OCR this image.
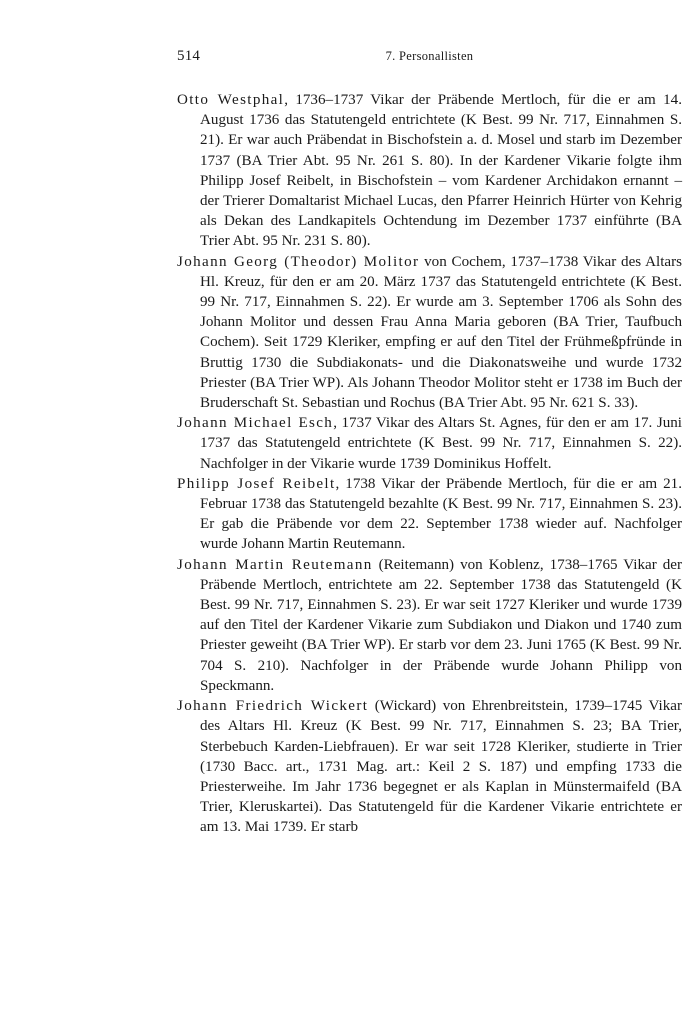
514	7. Personallisten

Otto Westphal, 1736–1737 Vikar der Präbende Mertloch, für die er am 14. August 1736 das Statutengeld entrichtete (K Best. 99 Nr. 717, Einnahmen S. 21). Er war auch Präbendat in Bischofstein a. d. Mosel und starb im Dezember 1737 (BA Trier Abt. 95 Nr. 261 S. 80). In der Kardener Vikarie folgte ihm Philipp Josef Reibelt, in Bischofstein – vom Kardener Archidakon ernannt – der Trierer Domaltarist Michael Lucas, den Pfarrer Heinrich Hürter von Kehrig als Dekan des Landkapitels Ochtendung im Dezember 1737 einführte (BA Trier Abt. 95 Nr. 231 S. 80).

Johann Georg (Theodor) Molitor von Cochem, 1737–1738 Vikar des Altars Hl. Kreuz, für den er am 20. März 1737 das Statutengeld entrichtete (K Best. 99 Nr. 717, Einnahmen S. 22). Er wurde am 3. September 1706 als Sohn des Johann Molitor und dessen Frau Anna Maria geboren (BA Trier, Taufbuch Cochem). Seit 1729 Kleriker, empfing er auf den Titel der Frühmeßpfründe in Bruttig 1730 die Subdiakonats- und die Diakonatsweihe und wurde 1732 Priester (BA Trier WP). Als Johann Theodor Molitor steht er 1738 im Buch der Bruderschaft St. Sebastian und Rochus (BA Trier Abt. 95 Nr. 621 S. 33).

Johann Michael Esch, 1737 Vikar des Altars St. Agnes, für den er am 17. Juni 1737 das Statutengeld entrichtete (K Best. 99 Nr. 717, Einnahmen S. 22). Nachfolger in der Vikarie wurde 1739 Dominikus Hoffelt.

Philipp Josef Reibelt, 1738 Vikar der Präbende Mertloch, für die er am 21. Februar 1738 das Statutengeld bezahlte (K Best. 99 Nr. 717, Einnahmen S. 23). Er gab die Präbende vor dem 22. September 1738 wieder auf. Nachfolger wurde Johann Martin Reutemann.

Johann Martin Reutemann (Reitemann) von Koblenz, 1738–1765 Vikar der Präbende Mertloch, entrichtete am 22. September 1738 das Statutengeld (K Best. 99 Nr. 717, Einnahmen S. 23). Er war seit 1727 Kleriker und wurde 1739 auf den Titel der Kardener Vikarie zum Subdiakon und Diakon und 1740 zum Priester geweiht (BA Trier WP). Er starb vor dem 23. Juni 1765 (K Best. 99 Nr. 704 S. 210). Nachfolger in der Präbende wurde Johann Philipp von Speckmann.

Johann Friedrich Wickert (Wickard) von Ehrenbreitstein, 1739–1745 Vikar des Altars Hl. Kreuz (K Best. 99 Nr. 717, Einnahmen S. 23; BA Trier, Sterbebuch Karden-Liebfrauen). Er war seit 1728 Kleriker, studierte in Trier (1730 Bacc. art., 1731 Mag. art.: Keil 2 S. 187) und empfing 1733 die Priesterweihe. Im Jahr 1736 begegnet er als Kaplan in Münstermaifeld (BA Trier, Kleruskartei). Das Statutengeld für die Kardener Vikarie entrichtete er am 13. Mai 1739. Er starb
